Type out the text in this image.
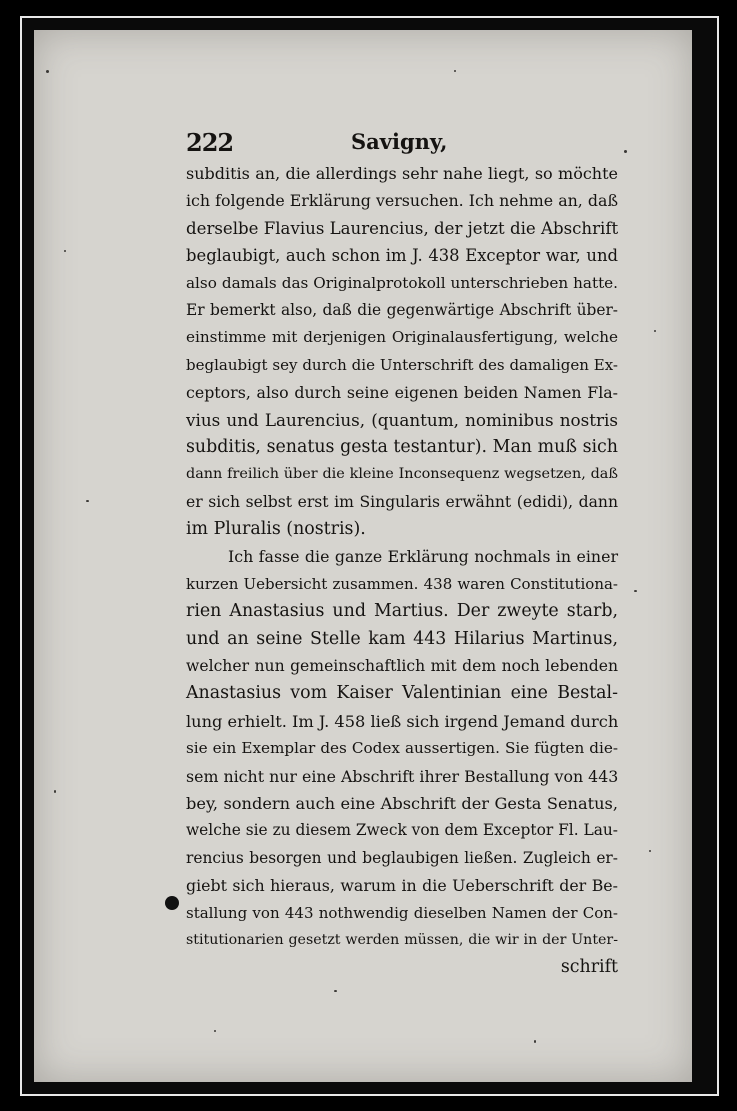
222	Savigny,
subditis an, die allerdings sehr nahe liegt, so möchte
ich folgende Erklärung versuchen. Ich nehme an, daß
derselbe Flavius Laurencius, der jetzt die Abschrift
beglaubigt, auch schon im J. 438 Exceptor war, und
also damals das Originalprotokoll unterschrieben hatte.
Er bemerkt also, daß die gegenwärtige Abschrift über-
einstimme mit derjenigen Originalausfertigung, welche
beglaubigt sey durch die Unterschrift des damaligen Ex-
ceptors, also durch seine eigenen beiden Namen Fla-
vius und Laurencius, (quantum, nominibus nostris
subditis, senatus gesta testantur). Man muß sich
dann freilich über die kleine Inconsequenz wegsetzen, daß
er sich selbst erst im Singularis erwähnt (edidi), dann
im Pluralis (nostris).
Ich fasse die ganze Erklärung nochmals in einer
kurzen Uebersicht zusammen. 438 waren Constitutiona-
rien Anastasius und Martius. Der zweyte starb,
und an seine Stelle kam 443 Hilarius Martinus,
welcher nun gemeinschaftlich mit dem noch lebenden
Anastasius vom Kaiser Valentinian eine Bestal-
lung erhielt. Im J. 458 ließ sich irgend Jemand durch
sie ein Exemplar des Codex aussertigen. Sie fügten die-
sem nicht nur eine Abschrift ihrer Bestallung von 443
bey, sondern auch eine Abschrift der Gesta Senatus,
welche sie zu diesem Zweck von dem Exceptor Fl. Lau-
rencius besorgen und beglaubigen ließen. Zugleich er-
giebt sich hieraus, warum in die Ueberschrift der Be-
stallung von 443 nothwendig dieselben Namen der Con-
stitutionarien gesetzt werden müssen, die wir in der Unter-
schrift
